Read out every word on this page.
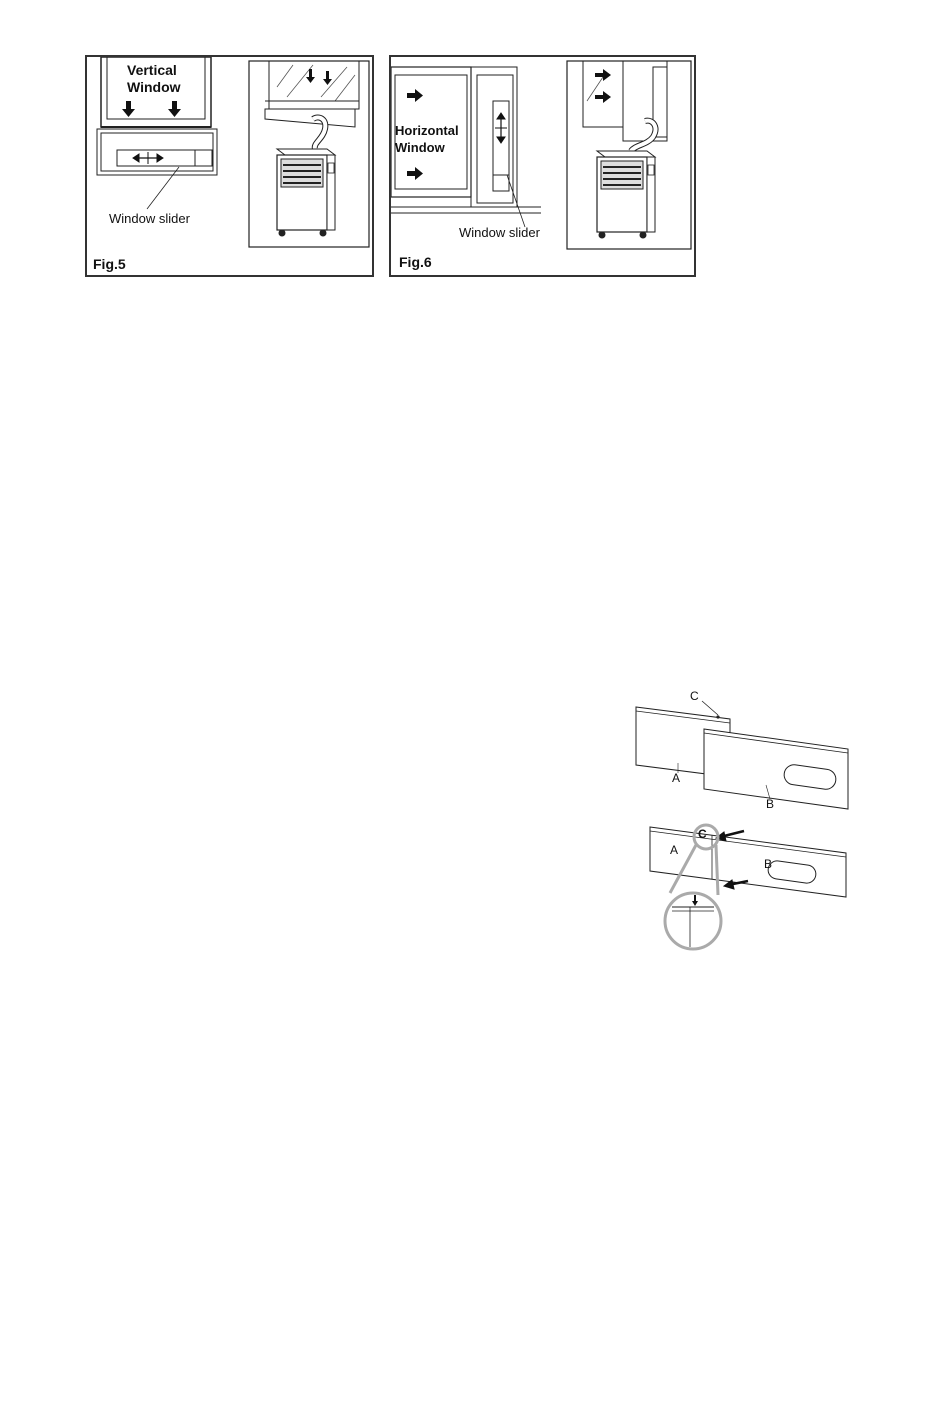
Vertical
Window
Window slider
Fig.5
Horizontal
Window
Window slider
Fig.6
C
A
B
C
A
B
